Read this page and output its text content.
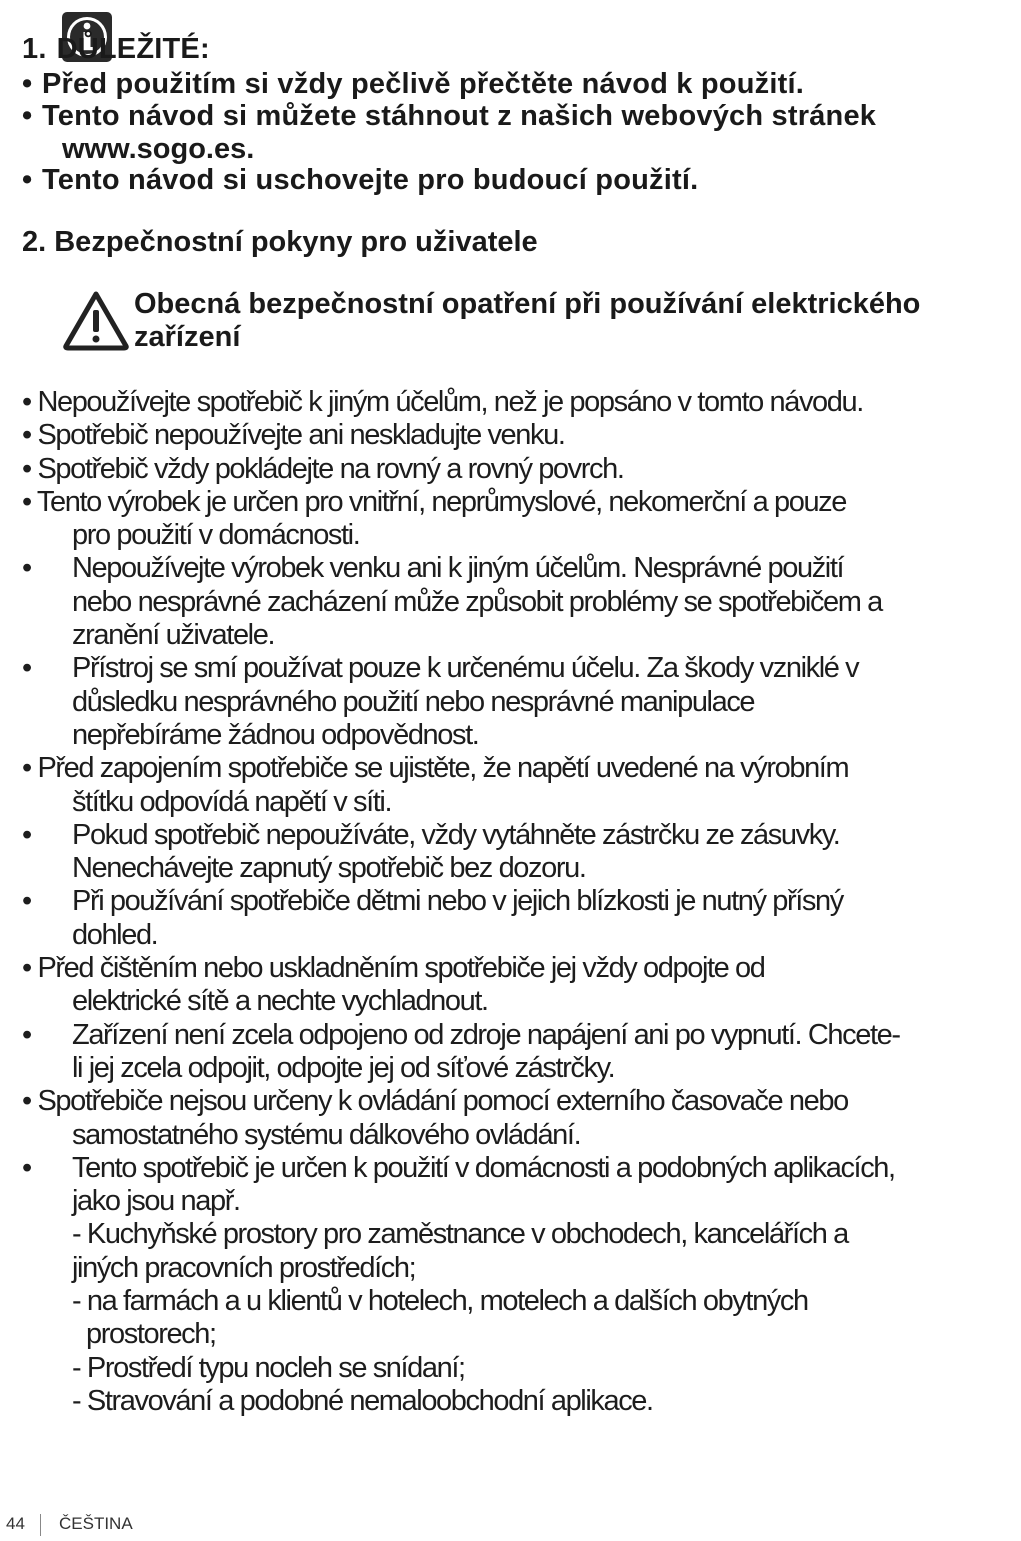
1. DŮLEŽITÉ:

• Před použitím si vždy pečlivě přečtěte návod k použití.

• Tento návod si můžete stáhnout z našich webových stránek

www.sogo.es.

• Tento návod si uschovejte pro budoucí použití.

2. Bezpečnostní pokyny pro uživatele

Obecná bezpečnostní opatření při používání elektrického zařízení

• Nepoužívejte spotřebič k jiným účelům, než je popsáno v tomto návodu.
• Spotřebič nepoužívejte ani neskladujte venku.
• Spotřebič vždy pokládejte na rovný a rovný povrch.
• Tento výrobek je určen pro vnitřní, neprůmyslové, nekomerční a pouze
pro použití v domácnosti.
•	Nepoužívejte výrobek venku ani k jiným účelům. Nesprávné použití
nebo nesprávné zacházení může způsobit problémy se spotřebičem a
zranění uživatele.
•	Přístroj se smí používat pouze k určenému účelu. Za škody vzniklé v
důsledku nesprávného použití nebo nesprávné manipulace
nepřebíráme žádnou odpovědnost.
• Před zapojením spotřebiče se ujistěte, že napětí uvedené na výrobním
štítku odpovídá napětí v síti.
•	Pokud spotřebič nepoužíváte, vždy vytáhněte zástrčku ze zásuvky.
Nenechávejte zapnutý spotřebič bez dozoru.
•	Při používání spotřebiče dětmi nebo v jejich blízkosti je nutný přísný
dohled.
• Před čištěním nebo uskladněním spotřebiče jej vždy odpojte od
elektrické sítě a nechte vychladnout.
•	Zařízení není zcela odpojeno od zdroje napájení ani po vypnutí. Chcete-
li jej zcela odpojit, odpojte jej od síťové zástrčky.
• Spotřebiče nejsou určeny k ovládání pomocí externího časovače nebo
samostatného systému dálkového ovládání.
•	Tento spotřebič je určen k použití v domácnosti a podobných aplikacích,
jako jsou např.
- Kuchyňské prostory pro zaměstnance v obchodech, kancelářích a
jiných pracovních prostředích;
- na farmách a u klientů v hotelech, motelech a dalších obytných
prostorech;
- Prostředí typu nocleh se snídaní;
- Stravování a podobné nemaloobchodní aplikace.
44 ČEŠTINA
